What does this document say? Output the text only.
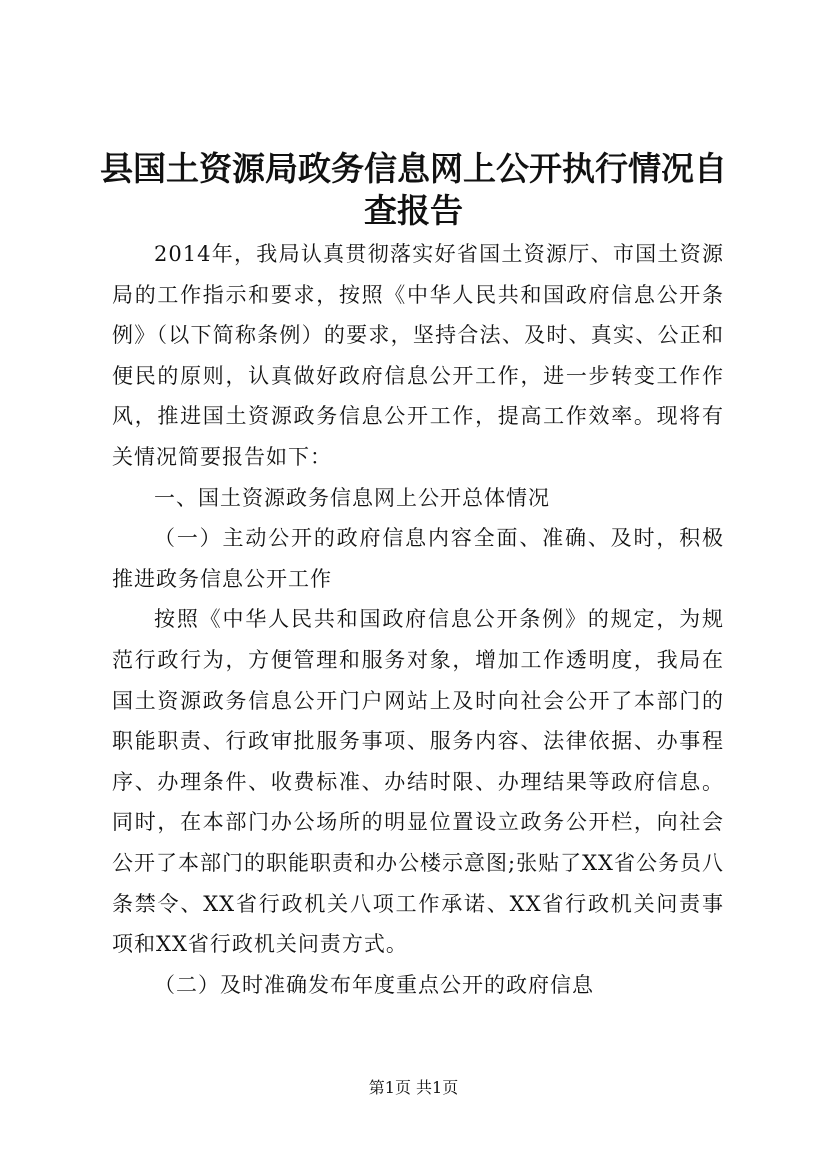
县国土资源局政务信息网上公开执行情况自查报告

2014年，我局认真贯彻落实好省国土资源厅、市国土资源局的工作指示和要求，按照《中华人民共和国政府信息公开条例》（以下简称条例）的要求，坚持合法、及时、真实、公正和便民的原则，认真做好政府信息公开工作，进一步转变工作作风，推进国土资源政务信息公开工作，提高工作效率。现将有关情况简要报告如下：

一、国土资源政务信息网上公开总体情况

（一）主动公开的政府信息内容全面、准确、及时，积极推进政务信息公开工作

按照《中华人民共和国政府信息公开条例》的规定，为规范行政行为，方便管理和服务对象，增加工作透明度，我局在国土资源政务信息公开门户网站上及时向社会公开了本部门的职能职责、行政审批服务事项、服务内容、法律依据、办事程序、办理条件、收费标准、办结时限、办理结果等政府信息。同时，在本部门办公场所的明显位置设立政务公开栏，向社会公开了本部门的职能职责和办公楼示意图;张贴了XX省公务员八条禁令、XX省行政机关八项工作承诺、XX省行政机关问责事项和XX省行政机关问责方式。

（二）及时准确发布年度重点公开的政府信息

第1页 共1页
